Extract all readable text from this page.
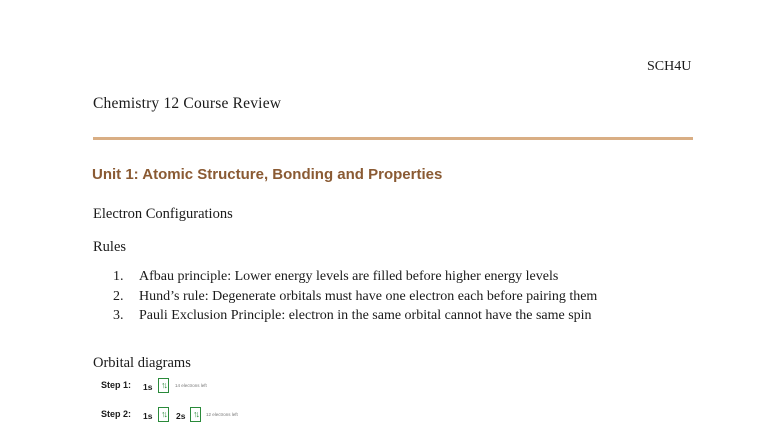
SCH4U
Chemistry 12 Course Review
Unit 1: Atomic Structure, Bonding and Properties
Electron Configurations
Rules
1. Afbau principle: Lower energy levels are filled before higher energy levels
2. Hund’s rule: Degenerate orbitals must have one electron each before pairing them
3. Pauli Exclusion Principle: electron in the same orbital cannot have the same spin
Orbital diagrams
Step 1: 1s ↑↓	14 electrons left
Step 2: 1s ↑↓	2s ↑↓	12 electrons left
